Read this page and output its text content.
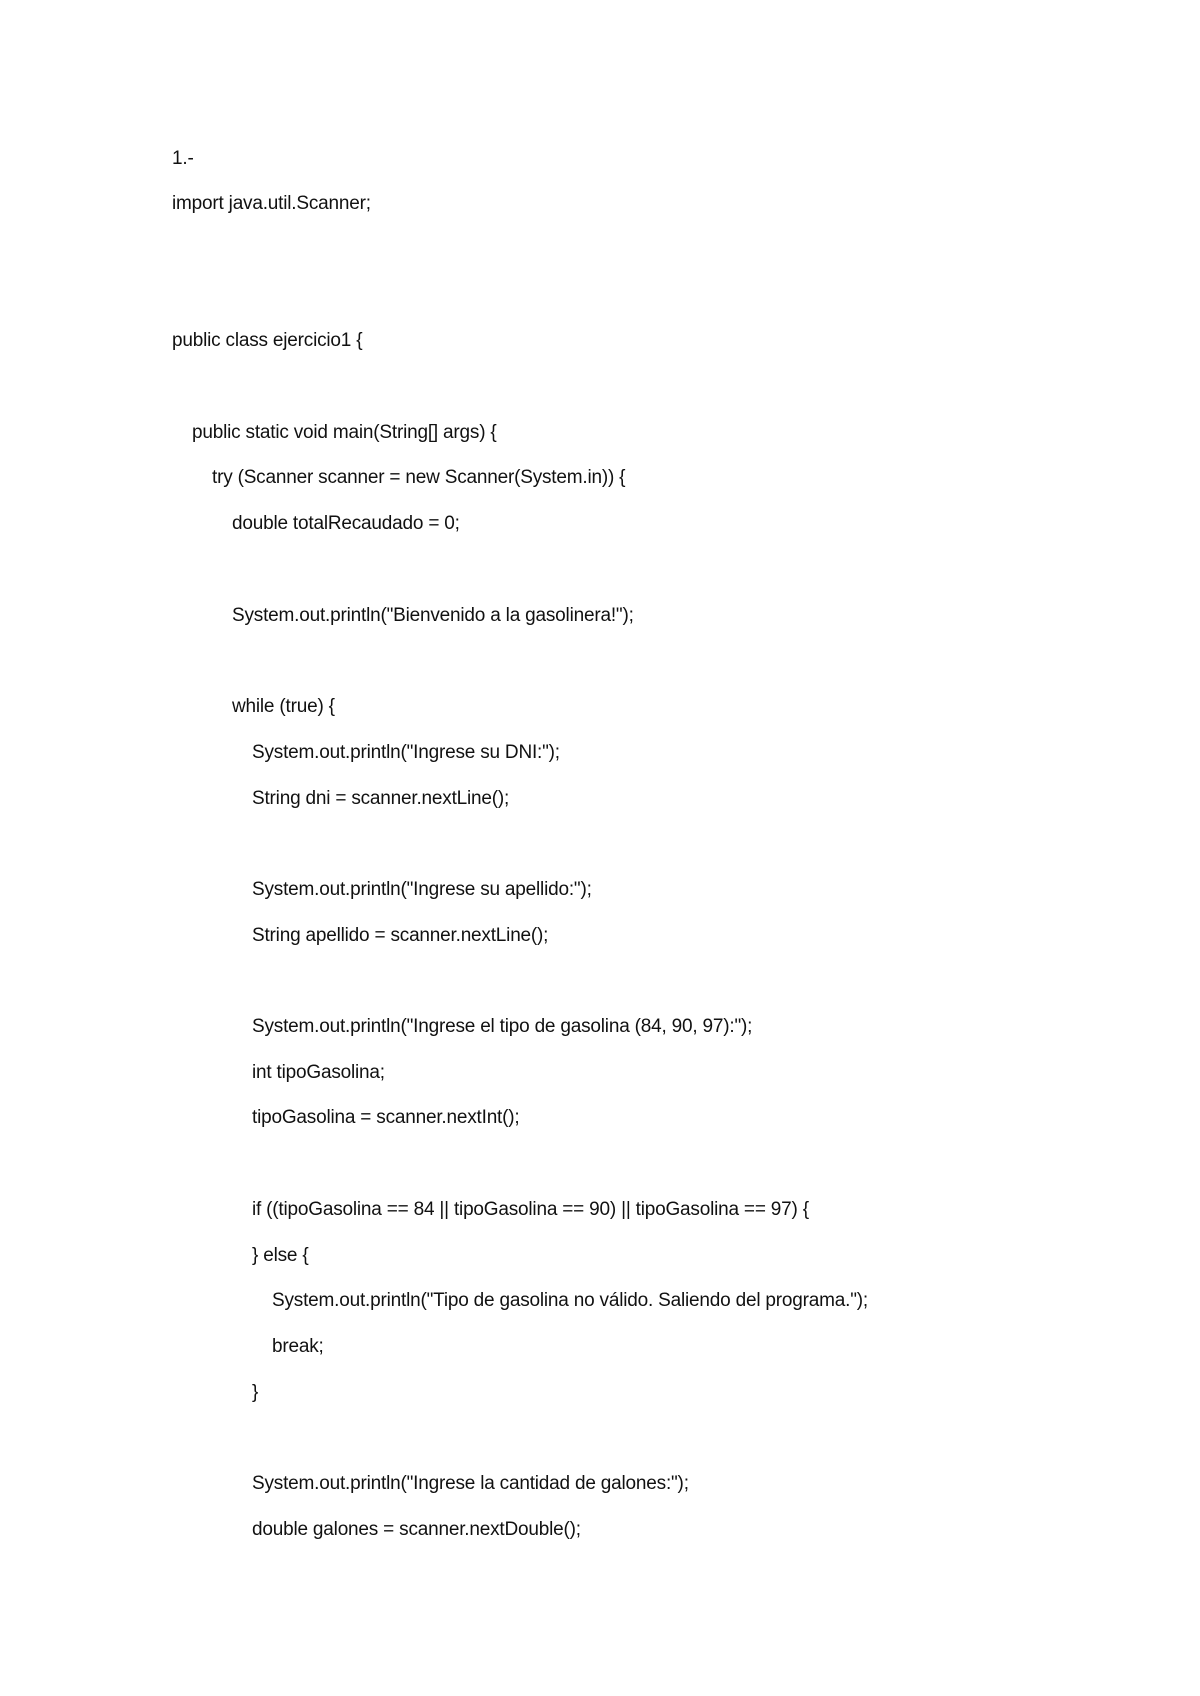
1.-
import java.util.Scanner;
public class ejercicio1 {
public static void main(String[] args) {
try (Scanner scanner = new Scanner(System.in)) {
double totalRecaudado = 0;
System.out.println("Bienvenido a la gasolinera!");
while (true) {
System.out.println("Ingrese su DNI:");
String dni = scanner.nextLine();
System.out.println("Ingrese su apellido:");
String apellido = scanner.nextLine();
System.out.println("Ingrese el tipo de gasolina (84, 90, 97):");
int tipoGasolina;
tipoGasolina = scanner.nextInt();
if ((tipoGasolina == 84 || tipoGasolina == 90) || tipoGasolina == 97) {
} else {
System.out.println("Tipo de gasolina no válido. Saliendo del programa.");
break;
}
System.out.println("Ingrese la cantidad de galones:");
double galones = scanner.nextDouble();
